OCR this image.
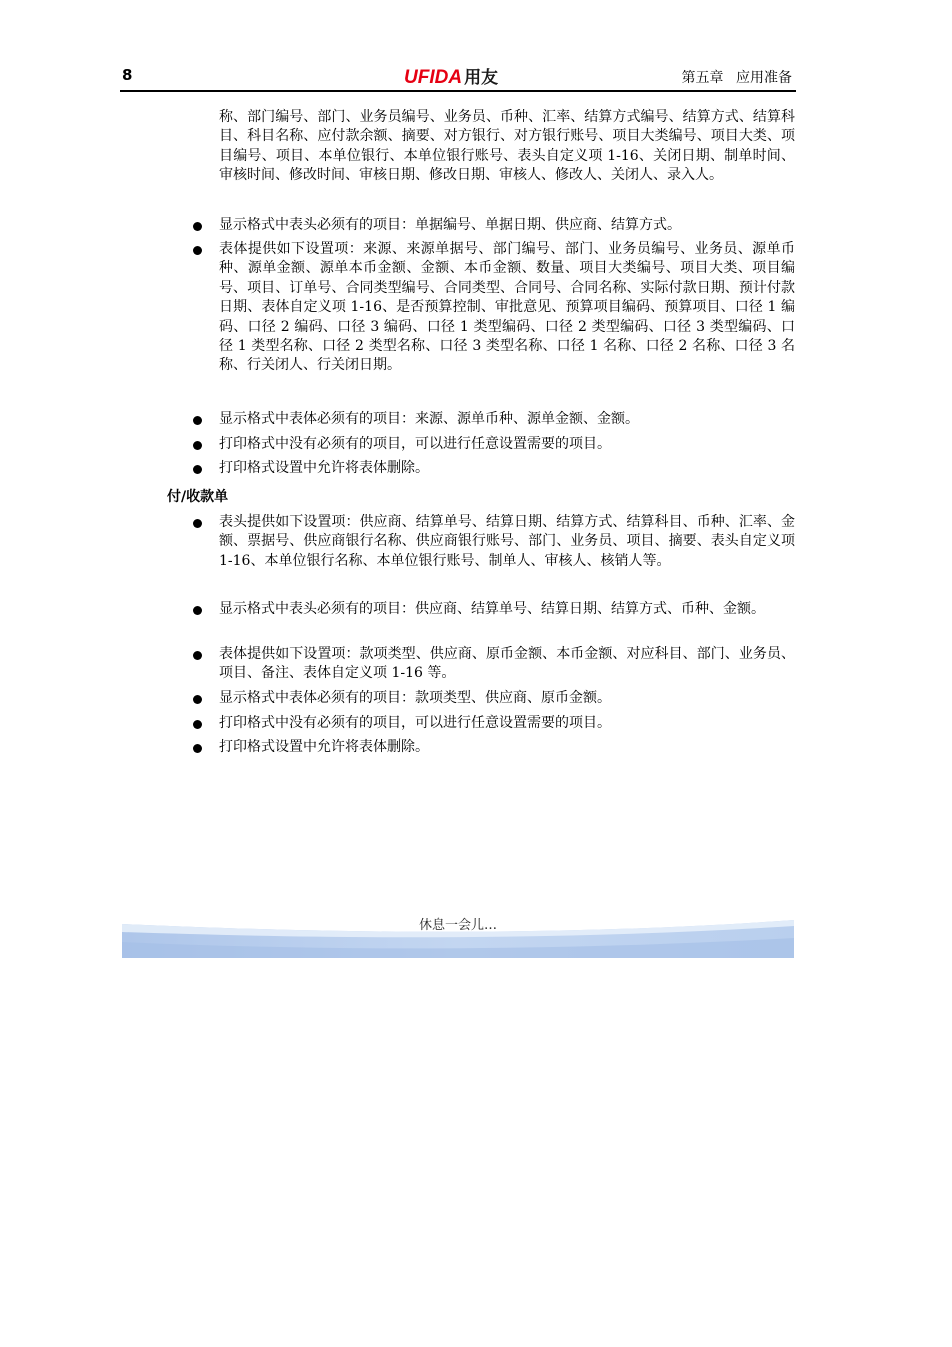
8	UFIDA 用友	第五章 应用准备
称、部门编号、部门、业务员编号、业务员、币种、汇率、结算方式编号、结算方式、结算科目、科目名称、应付款余额、摘要、对方银行、对方银行账号、项目大类编号、项目大类、项目编号、项目、本单位银行、本单位银行账号、表头自定义项 1-16、关闭日期、制单时间、审核时间、修改时间、审核日期、修改日期、审核人、修改人、关闭人、录入人。
显示格式中表头必须有的项目：单据编号、单据日期、供应商、结算方式。
表体提供如下设置项：来源、来源单据号、部门编号、部门、业务员编号、业务员、源单币种、源单金额、源单本币金额、金额、本币金额、数量、项目大类编号、项目大类、项目编号、项目、订单号、合同类型编号、合同类型、合同号、合同名称、实际付款日期、预计付款日期、表体自定义项 1-16、是否预算控制、审批意见、预算项目编码、预算项目、口径 1 编码、口径 2 编码、口径 3 编码、口径 1 类型编码、口径 2 类型编码、口径 3 类型编码、口径 1 类型名称、口径 2 类型名称、口径 3 类型名称、口径 1 名称、口径 2 名称、口径 3 名称、行关闭人、行关闭日期。
显示格式中表体必须有的项目：来源、源单币种、源单金额、金额。
打印格式中没有必须有的项目，可以进行任意设置需要的项目。
打印格式设置中允许将表体删除。
付/收款单
表头提供如下设置项：供应商、结算单号、结算日期、结算方式、结算科目、币种、汇率、金额、票据号、供应商银行名称、供应商银行账号、部门、业务员、项目、摘要、表头自定义项 1-16、本单位银行名称、本单位银行账号、制单人、审核人、核销人等。
显示格式中表头必须有的项目：供应商、结算单号、结算日期、结算方式、币种、金额。
表体提供如下设置项：款项类型、供应商、原币金额、本币金额、对应科目、部门、业务员、项目、备注、表体自定义项 1-16 等。
显示格式中表体必须有的项目：款项类型、供应商、原币金额。
打印格式中没有必须有的项目，可以进行任意设置需要的项目。
打印格式设置中允许将表体删除。
休息一会儿…
